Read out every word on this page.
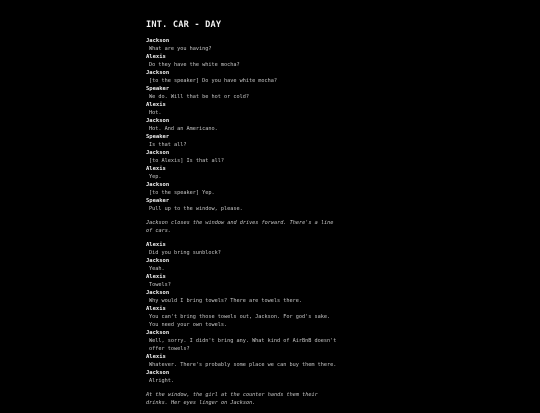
INT. CAR - DAY
Jackson
What are you having?
Alexis
Do they have the white mocha?
Jackson
[to the speaker] Do you have white mocha?
Speaker
We do. Will that be hot or cold?
Alexis
Hot.
Jackson
Hot. And an Americano.
Speaker
Is that all?
Jackson
[to Alexis] Is that all?
Alexis
Yep.
Jackson
[to the speaker] Yep.
Speaker
Pull up to the window, please.
Jackson closes the window and drives forward. There's a line
of cars.
Alexis
Did you bring sunblock?
Jackson
Yeah.
Alexis
Towels?
Jackson
Why would I bring towels? There are towels there.
Alexis
You can't bring those towels out, Jackson. For god's sake.
You need your own towels.
Jackson
Well, sorry. I didn't bring any. What kind of AirBnB doesn't
offer towels?
Alexis
Whatever. There's probably some place we can buy them there.
Jackson
Alright.
At the window, the girl at the counter hands them their
drinks. Her eyes linger on Jackson.
